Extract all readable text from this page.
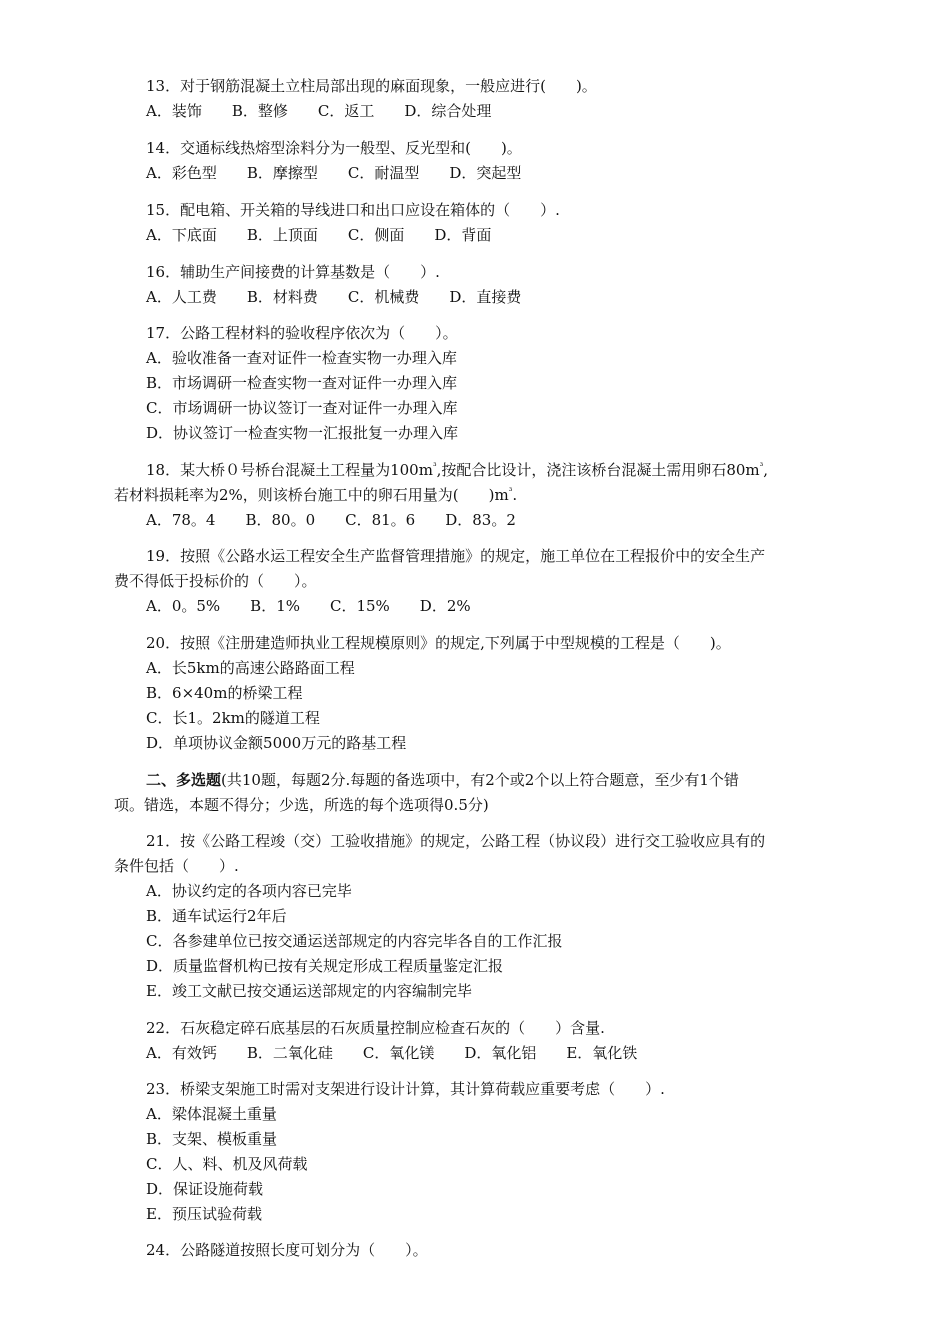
13．对于钢筋混凝土立柱局部出现的麻面现象，一般应进行(　　)。
A．装饰　　B．整修　　C．返工　　D．综合处理
14．交通标线热熔型涂料分为一般型、反光型和(　　)。
A．彩色型　　B．摩擦型　　C．耐温型　　D．突起型
15．配电箱、开关箱的导线进口和出口应设在箱体的（　　）.
A．下底面　　B．上顶面　　C．侧面　　D．背面
16．辅助生产间接费的计算基数是（　　）.
A．人工费　　B．材料费　　C．机械费　　D．直接费
17．公路工程材料的验收程序依次为（　　）。
A．验收准备一查对证件一检查实物一办理入库
B．市场调研一检查实物一查对证件一办理入库
C．市场调研一协议签订一查对证件一办理入库
D．协议签订一检查实物一汇报批复一办理入库
18．某大桥０号桥台混凝土工程量为$100m^{^3}$,按配合比设计，浇注该桥台混凝土需用卵石$80m^{^3}$,
若材料损耗率为2%，则该桥台施工中的卵石用量为(　　)$m^{^3}$.
A．78。4　　B．80。0　　C．81。6　　D．83。2
19．按照《公路水运工程安全生产监督管理措施》的规定，施工单位在工程报价中的安全生产
费不得低于投标价的（　　）。
A．0。5%　　B．1%　　C．15%　　D．2%
20．按照《注册建造师执业工程规模原则》的规定,下列属于中型规模的工程是（　　)。
A．长5km的高速公路路面工程
B．6×40m的桥梁工程
C．长1。2km的隧道工程
D．单项协议金额5000万元的路基工程
二、多选题(共10题，每题2分.每题的备选项中，有2个或2个以上符合题意，至少有1个错
项。错选，本题不得分；少选，所选的每个选项得0.5分)
21．按《公路工程竣（交）工验收措施》的规定，公路工程（协议段）进行交工验收应具有的
条件包括（　　）.
A．协议约定的各项内容已完毕
B．通车试运行2年后
C．各参建单位已按交通运送部规定的内容完毕各自的工作汇报
D．质量监督机构已按有关规定形成工程质量鉴定汇报
E．竣工文献已按交通运送部规定的内容编制完毕
22．石灰稳定碎石底基层的石灰质量控制应检查石灰的（　　）含量.
A．有效钙　　B．二氧化硅　　C．氧化镁　　D．氧化铝　　E．氧化铁
23．桥梁支架施工时需对支架进行设计计算，其计算荷载应重要考虑（　　）.
A．梁体混凝土重量
B．支架、模板重量
C．人、料、机及风荷载
D．保证设施荷载
E．预压试验荷载
24．公路隧道按照长度可划分为（　　）。
